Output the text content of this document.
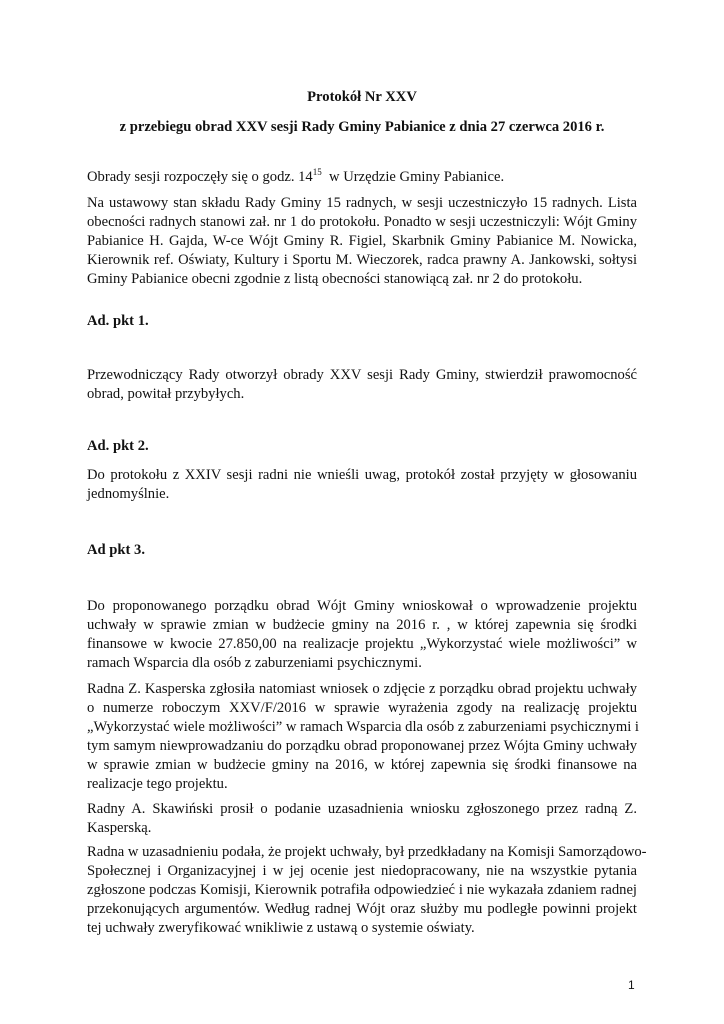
Protokół Nr XXV
z przebiegu obrad XXV sesji Rady Gminy Pabianice z dnia 27 czerwca 2016 r.
Obrady sesji rozpoczęły się o godz. $14^{15}$ w Urzędzie Gminy Pabianice.
Na ustawowy stan składu Rady Gminy 15 radnych, w sesji uczestniczyło 15 radnych. Lista
obecności radnych stanowi zał. nr 1 do protokołu. Ponadto w sesji uczestniczyli: Wójt Gminy
Pabianice H. Gajda, W-ce Wójt Gminy R. Figiel, Skarbnik Gminy Pabianice M. Nowicka,
Kierownik ref. Oświaty, Kultury i Sportu M. Wieczorek, radca prawny A. Jankowski, sołtysi
Gminy Pabianice obecni zgodnie z listą obecności stanowiącą zał. nr 2 do protokołu.
Ad. pkt 1.
Przewodniczący Rady otworzył obrady XXV sesji Rady Gminy, stwierdził prawomocność
obrad, powitał przybyłych.
Ad. pkt 2.
Do protokołu z XXIV sesji radni nie wnieśli uwag, protokół został przyjęty w głosowaniu
jednomyślnie.
Ad pkt 3.
Do proponowanego porządku obrad Wójt Gminy wnioskował o wprowadzenie projektu
uchwały w sprawie zmian w budżecie gminy na 2016 r. , w której zapewnia się środki
finansowe w kwocie 27.850,00 na realizacje projektu „Wykorzystać wiele możliwości” w
ramach Wsparcia dla osób z zaburzeniami psychicznymi.
Radna Z. Kasperska zgłosiła natomiast wniosek o zdjęcie z porządku obrad projektu uchwały
o numerze roboczym XXV/F/2016 w sprawie wyrażenia zgody na realizację projektu
„Wykorzystać wiele możliwości” w ramach Wsparcia dla osób z zaburzeniami psychicznymi i
tym samym niewprowadzaniu do porządku obrad proponowanej przez Wójta Gminy uchwały
w sprawie zmian w budżecie gminy na 2016, w której zapewnia się środki finansowe na
realizacje tego projektu.
Radny A. Skawiński prosił o podanie uzasadnienia wniosku zgłoszonego przez radną Z.
Kasperską.
Radna w uzasadnieniu podała, że projekt uchwały, był przedkładany na Komisji Samorządowo-
Społecznej i Organizacyjnej i w jej ocenie jest niedopracowany, nie na wszystkie pytania
zgłoszone podczas Komisji, Kierownik potrafiła odpowiedzieć i nie wykazała zdaniem radnej
przekonujących argumentów. Według radnej Wójt oraz służby mu podległe powinni projekt
tej uchwały zweryfikować wnikliwie z ustawą o systemie oświaty.
1
